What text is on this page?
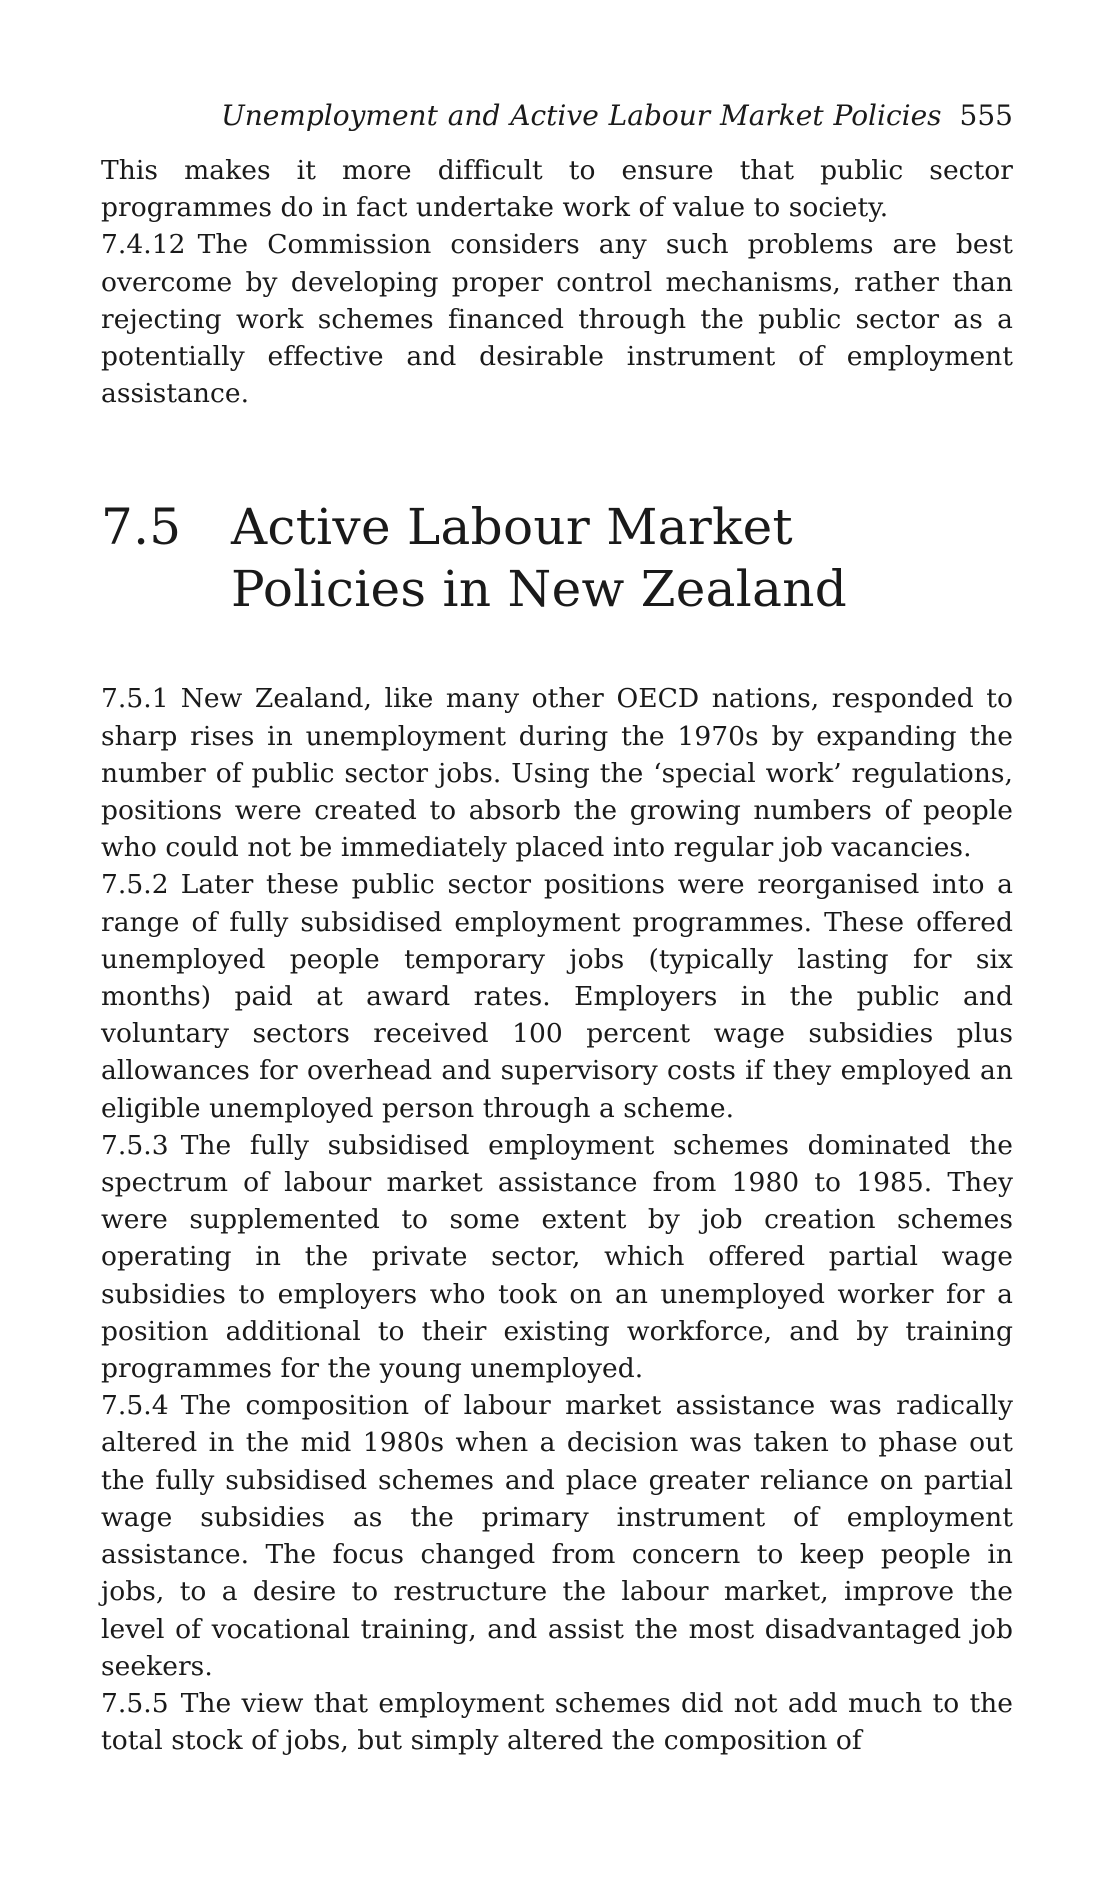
Unemployment and Active Labour Market Policies 555

This makes it more difficult to ensure that public sector programmes do in fact undertake work of value to society.

7.4.12 The Commission considers any such problems are best overcome by developing proper control mechanisms, rather than rejecting work schemes financed through the public sector as a potentially effective and desirable instrument of employment assistance.

7.5 Active Labour Market Policies in New Zealand

7.5.1 New Zealand, like many other OECD nations, responded to sharp rises in unemployment during the 1970s by expanding the number of public sector jobs. Using the ‘special work’ regulations, positions were created to absorb the growing numbers of people who could not be immediately placed into regular job vacancies.

7.5.2 Later these public sector positions were reorganised into a range of fully subsidised employment programmes. These offered unemployed people temporary jobs (typically lasting for six months) paid at award rates. Employers in the public and voluntary sectors received 100 percent wage subsidies plus allowances for overhead and supervisory costs if they employed an eligible unemployed person through a scheme.

7.5.3 The fully subsidised employment schemes dominated the spectrum of labour market assistance from 1980 to 1985. They were supplemented to some extent by job creation schemes operating in the private sector, which offered partial wage subsidies to employers who took on an unemployed worker for a position additional to their existing workforce, and by training programmes for the young unemployed.

7.5.4 The composition of labour market assistance was radically altered in the mid 1980s when a decision was taken to phase out the fully subsidised schemes and place greater reliance on partial wage subsidies as the primary instrument of employment assistance. The focus changed from concern to keep people in jobs, to a desire to restructure the labour market, improve the level of vocational training, and assist the most disadvantaged job seekers.

7.5.5 The view that employment schemes did not add much to the total stock of jobs, but simply altered the composition of
